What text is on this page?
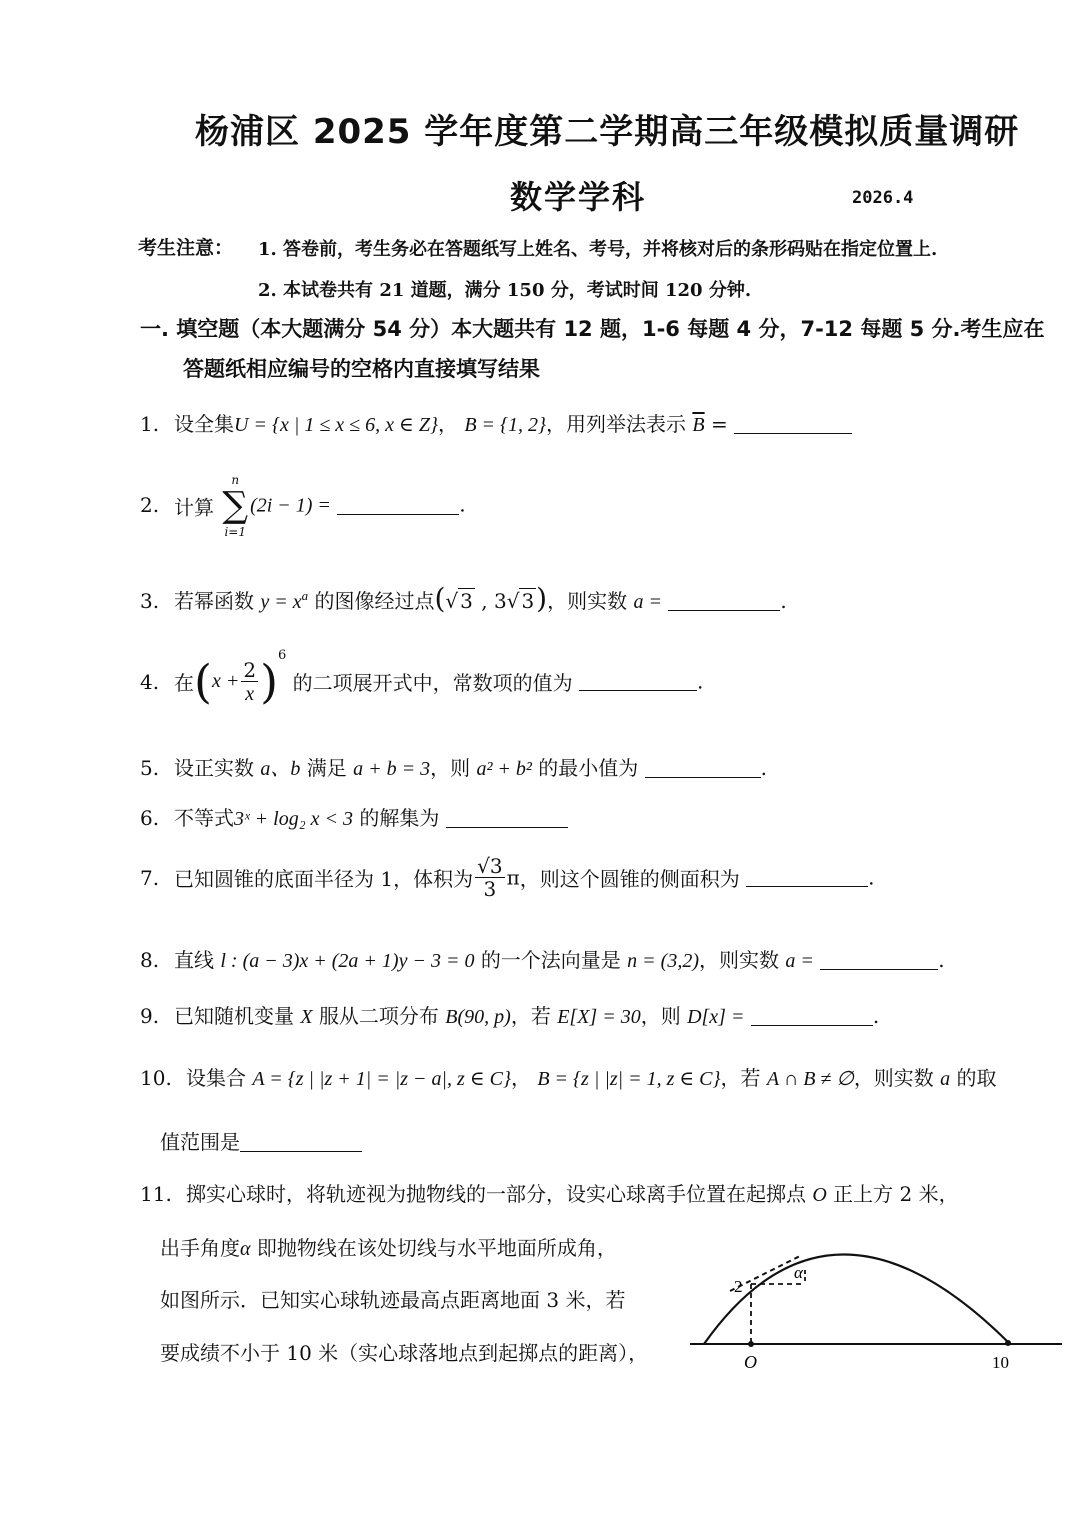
杨浦区 2025 学年度第二学期高三年级模拟质量调研
数学学科	2026.4
考生注意： 1. 答卷前，考生务必在答题纸写上姓名、考号，并将核对后的条形码贴在指定位置上.
2. 本试卷共有 21 道题，满分 150 分，考试时间 120 分钟.
一. 填空题（本大题满分 54 分）本大题共有 12 题，1-6 每题 4 分，7-12 每题 5 分.考生应在
答题纸相应编号的空格内直接填写结果
1. 设全集U = {x | 1 ≤ x ≤ 6, x ∈ Z}， B = {1, 2}，用列举法表示 $\overline{B}$ =
2. 计算
n
∑
i=1
(2i − 1) =	.
3. 若幂函数 $y = x^a$ 的图像经过点(√ 3 , 3√ 3)，则实数 a =	.
4. 在$(x + \frac{2}{x} )^6$ 的二项展开式中，常数项的值为	.
5. 设正实数 a、b 满足 a + b = 3，则 a² + b² 的最小值为	.
6. 不等式3ˣ + log₂ x < 3 的解集为
7. 已知圆锥的底面半径为 1，体积为 $\frac{√3}{3}$ π，则这个圆锥的侧面积为	.
8. 直线 l : (a − 3)x + (2a + 1)y − 3 = 0 的一个法向量是 n = (3,2)，则实数 a =	.
9. 已知随机变量 X 服从二项分布 B(90, p)，若 E[X] = 30，则 D[x] =	.
10. 设集合 A = {z | |z + 1| = |z − a|, z ∈ C}， B = {z | |z| = 1, z ∈ C}，若 A ∩ B ≠ ∅，则实数 a 的取
值范围是
11. 掷实心球时，将轨迹视为抛物线的一部分，设实心球离手位置在起掷点 O 正上方 2 米，
出手角度α 即抛物线在该处切线与水平地面所成角，
如图所示．已知实心球轨迹最高点距离地面 3 米，若
要成绩不小于 10 米（实心球落地点到起掷点的距离），
2
α
O	10
